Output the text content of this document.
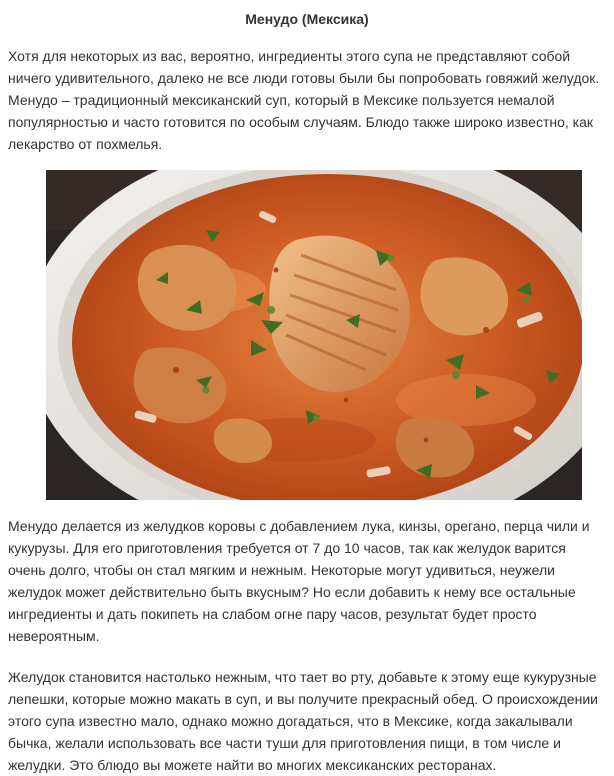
Менудо (Мексика)

Хотя для некоторых из вас, вероятно, ингредиенты этого супа не представляют собой ничего удивительного, далеко не все люди готовы были бы попробовать говяжий желудок. Менудо – традиционный мексиканский суп, который в Мексике пользуется немалой популярностью и часто готовится по особым случаям. Блюдо также широко известно, как лекарство от похмелья.

Менудо делается из желудков коровы с добавлением лука, кинзы, орегано, перца чили и кукурузы. Для его приготовления требуется от 7 до 10 часов, так как желудок варится очень долго, чтобы он стал мягким и нежным. Некоторые могут удивиться, неужели желудок может действительно быть вкусным? Но если добавить к нему все остальные ингредиенты и дать покипеть на слабом огне пару часов, результат будет просто невероятным.

Желудок становится настолько нежным, что тает во рту, добавьте к этому еще кукурузные лепешки, которые можно макать в суп, и вы получите прекрасный обед. О происхождении этого супа известно мало, однако можно догадаться, что в Мексике, когда закалывали бычка, желали использовать все части туши для приготовления пищи, в том числе и желудки. Это блюдо вы можете найти во многих мексиканских ресторанах.
